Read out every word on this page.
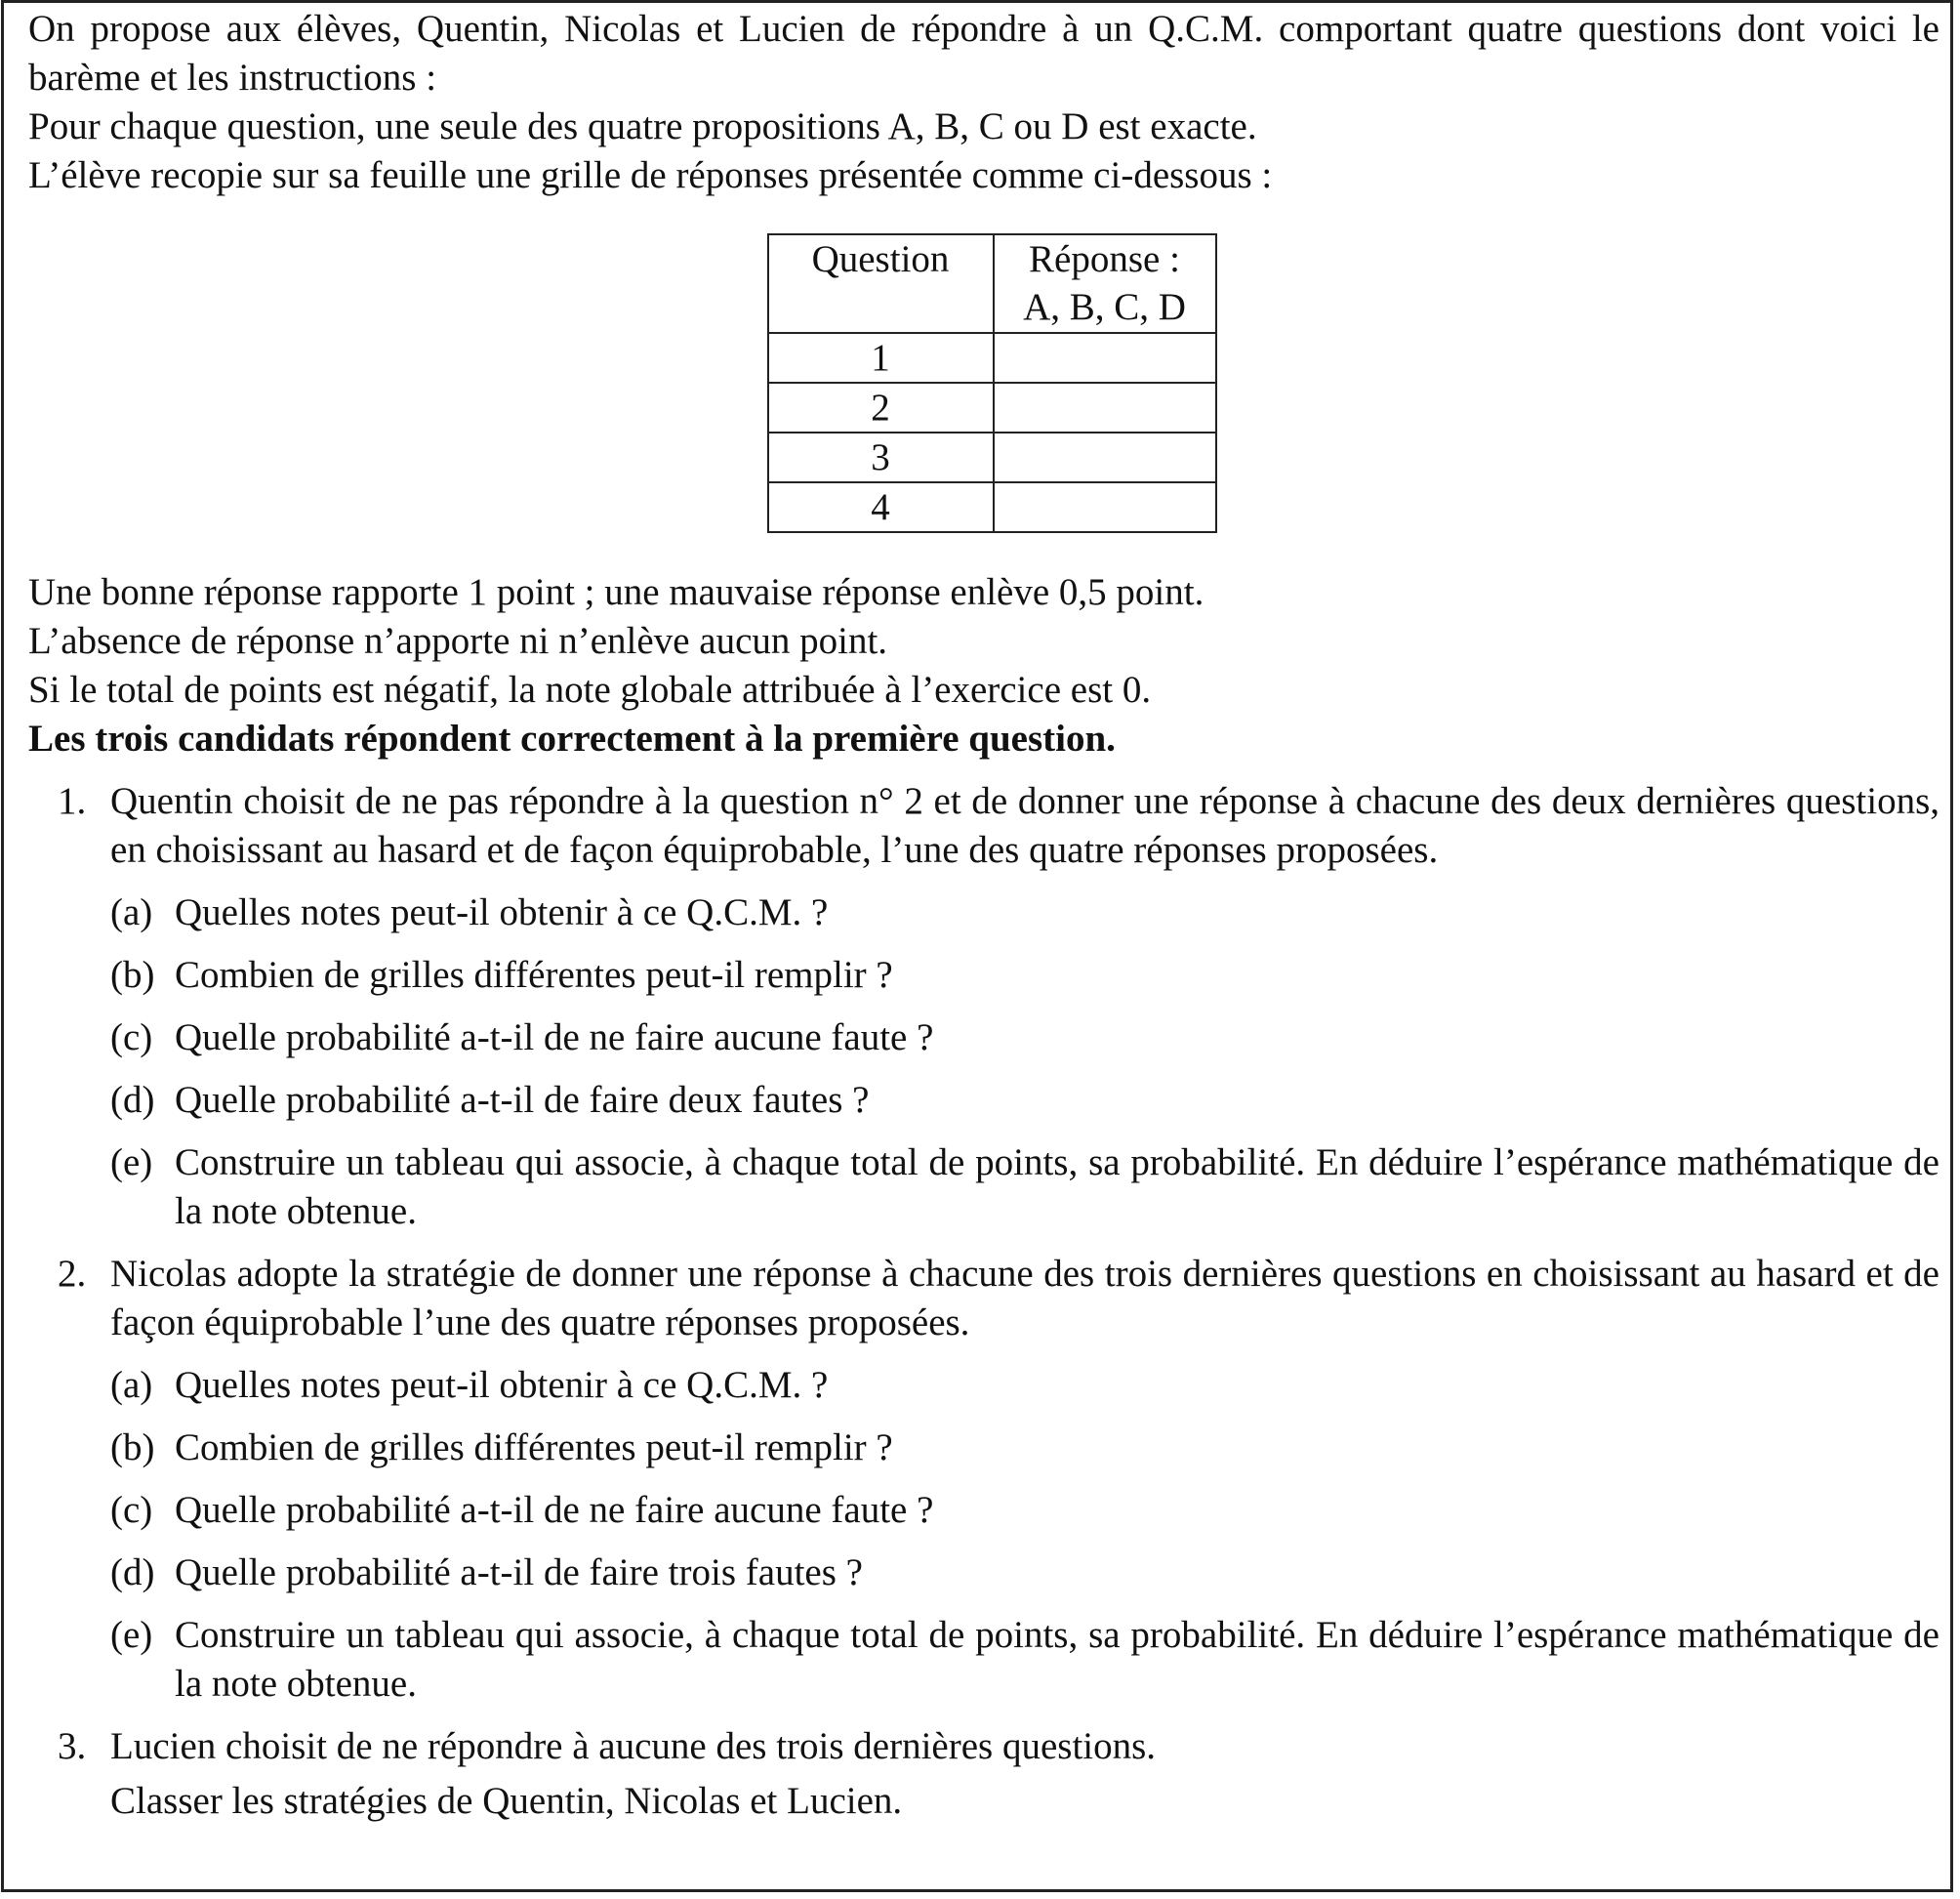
On propose aux élèves, Quentin, Nicolas et Lucien de répondre à un Q.C.M. comportant quatre questions dont voici le barème et les instructions :

Pour chaque question, une seule des quatre propositions A, B, C ou D est exacte.

L’élève recopie sur sa feuille une grille de réponses présentée comme ci-dessous :

Question	Réponse :
A, B, C, D
1	
2	
3	
4	

Une bonne réponse rapporte 1 point ; une mauvaise réponse enlève 0,5 point.

L’absence de réponse n’apporte ni n’enlève aucun point.

Si le total de points est négatif, la note globale attribuée à l’exercice est 0.

Les trois candidats répondent correctement à la première question.

1. Quentin choisit de ne pas répondre à la question n° 2 et de donner une réponse à chacune des deux dernières questions, en choisissant au hasard et de façon équiprobable, l’une des quatre réponses proposées.
(a) Quelles notes peut-il obtenir à ce Q.C.M. ?
(b) Combien de grilles différentes peut-il remplir ?
(c) Quelle probabilité a-t-il de ne faire aucune faute ?
(d) Quelle probabilité a-t-il de faire deux fautes ?
(e) Construire un tableau qui associe, à chaque total de points, sa probabilité. En déduire l’espérance mathématique de la note obtenue.
2. Nicolas adopte la stratégie de donner une réponse à chacune des trois dernières questions en choisissant au hasard et de façon équiprobable l’une des quatre réponses proposées.
(a) Quelles notes peut-il obtenir à ce Q.C.M. ?
(b) Combien de grilles différentes peut-il remplir ?
(c) Quelle probabilité a-t-il de ne faire aucune faute ?
(d) Quelle probabilité a-t-il de faire trois fautes ?
(e) Construire un tableau qui associe, à chaque total de points, sa probabilité. En déduire l’espérance mathématique de la note obtenue.
3. Lucien choisit de ne répondre à aucune des trois dernières questions.
Classer les stratégies de Quentin, Nicolas et Lucien.
